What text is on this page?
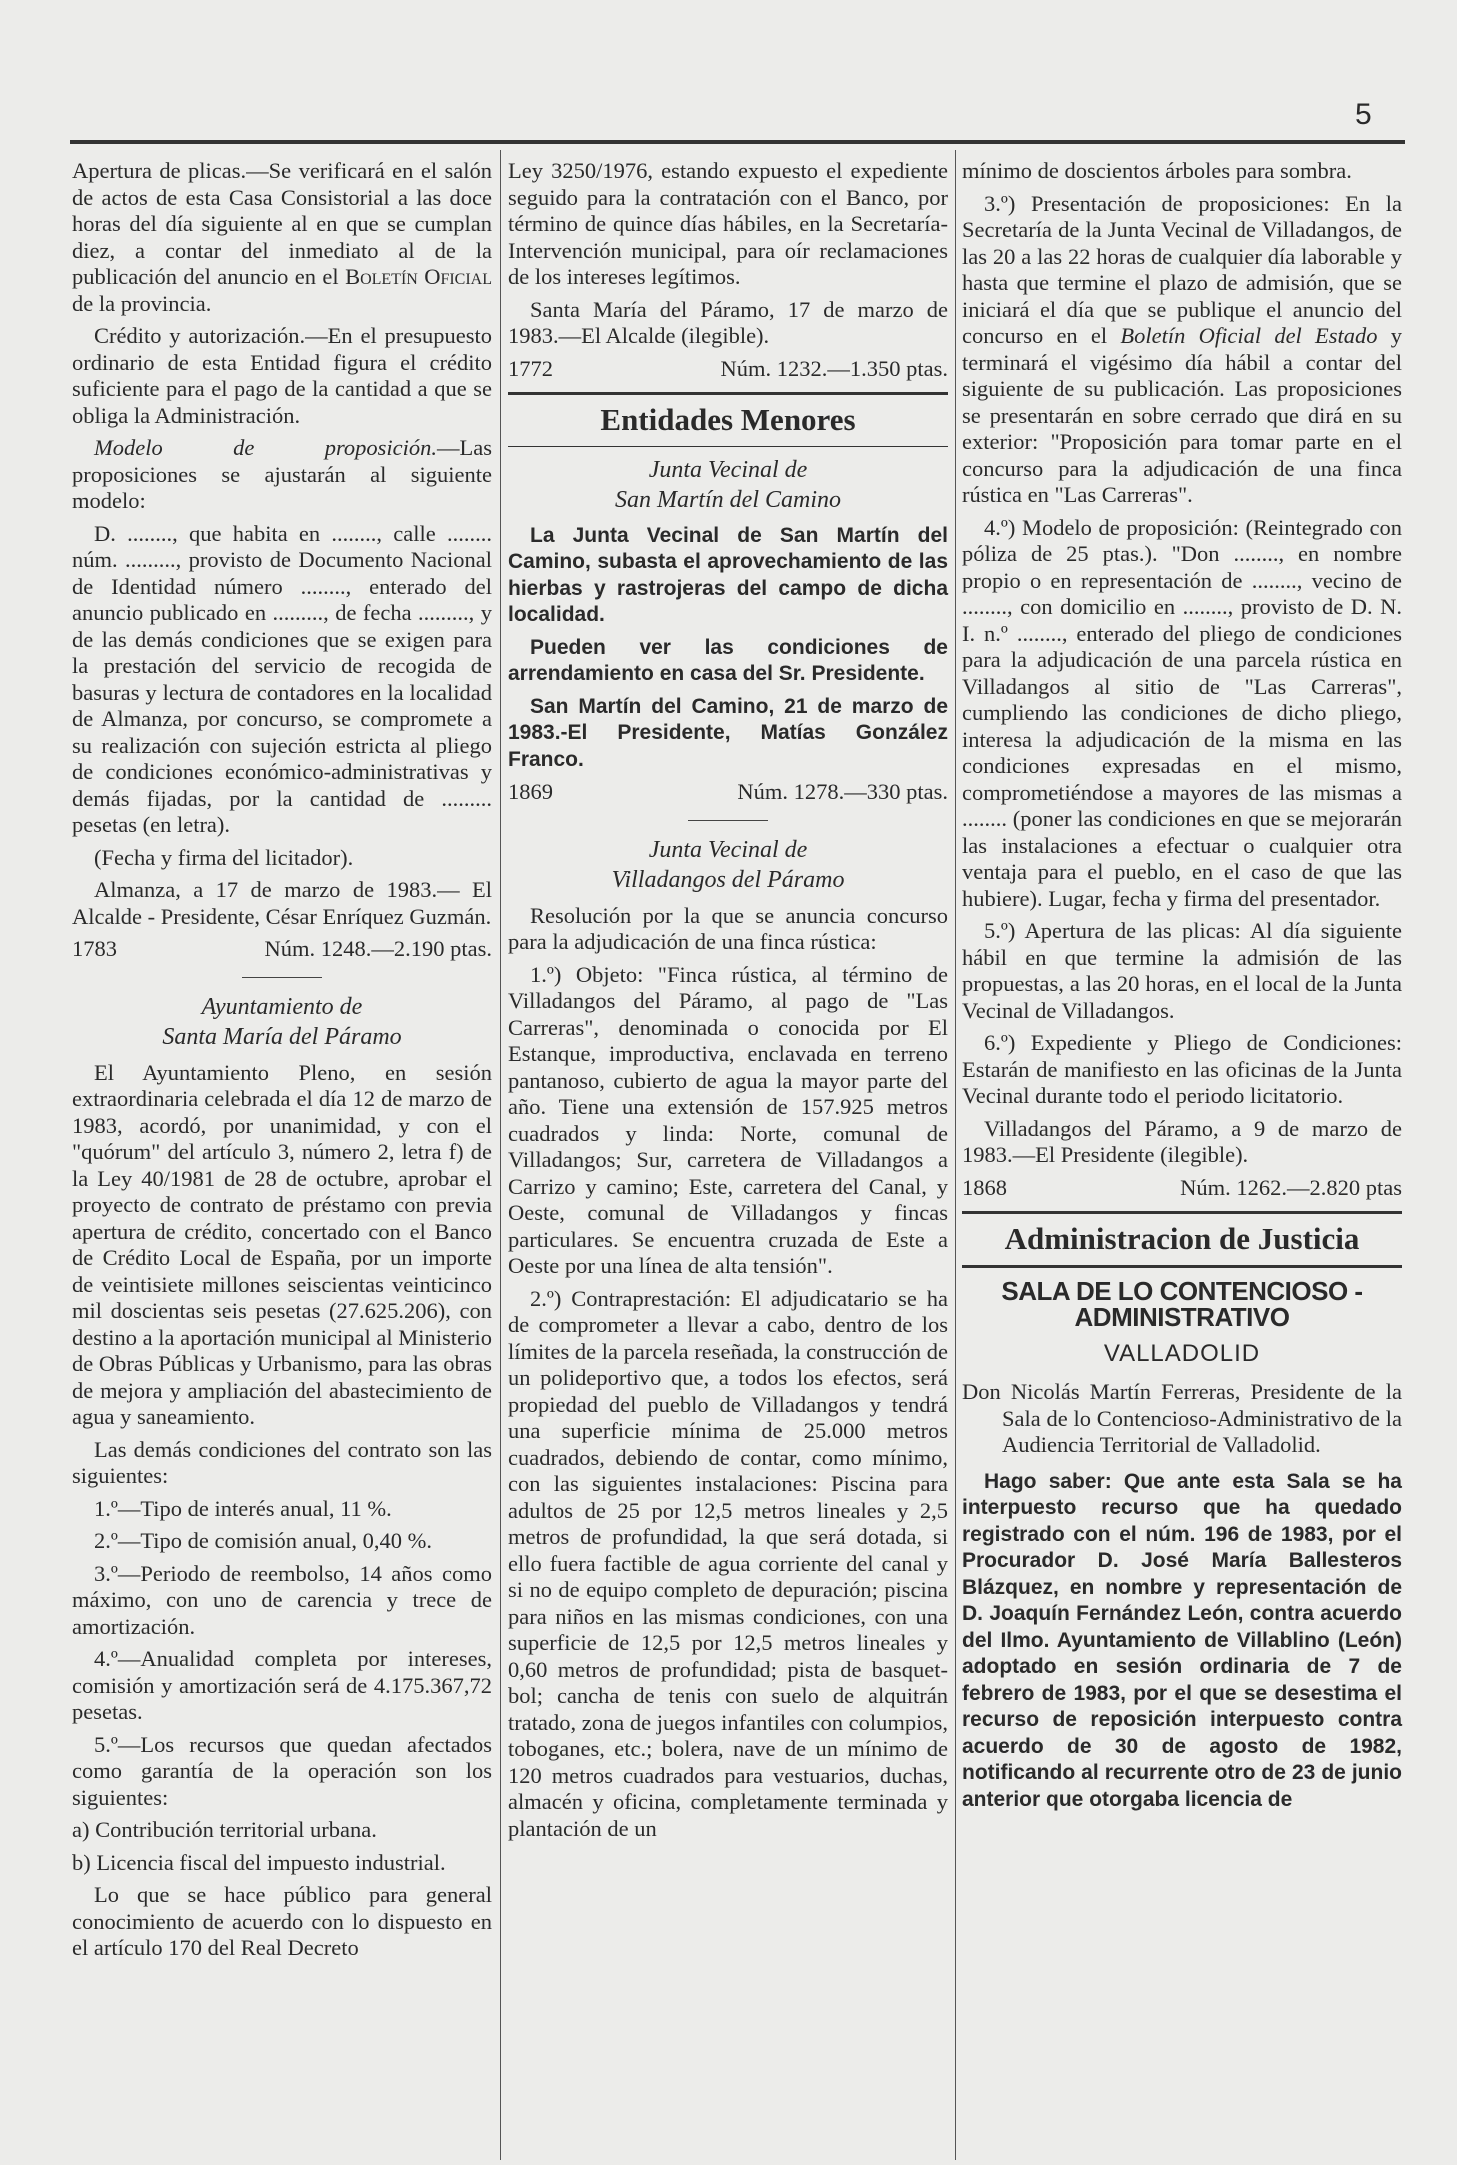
5

Apertura de plicas.—Se verificará en el salón de actos de esta Casa Consistorial a las doce horas del día siguiente al en que se cumplan diez, a contar del inmediato al de la publicación del anuncio en el Boletín Oficial de la provincia.

Crédito y autorización.—En el presupuesto ordinario de esta Entidad figura el crédito suficiente para el pago de la cantidad a que se obliga la Administración.

Modelo de proposición.—Las proposiciones se ajustarán al siguiente modelo:

D. ........, que habita en ........, calle ........ núm. ........., provisto de Documento Nacional de Identidad número ........, enterado del anuncio publicado en ........., de fecha ........., y de las demás condiciones que se exigen para la prestación del servicio de recogida de basuras y lectura de contadores en la localidad de Almanza, por concurso, se compromete a su realización con sujeción estricta al pliego de condiciones económico-administrativas y demás fijadas, por la cantidad de ......... pesetas (en letra).

(Fecha y firma del licitador).

Almanza, a 17 de marzo de 1983.— El Alcalde - Presidente, César Enríquez Guzmán.

1783	Núm. 1248.—2.190 ptas.
Ayuntamiento de
Santa María del Páramo

El Ayuntamiento Pleno, en sesión extraordinaria celebrada el día 12 de marzo de 1983, acordó, por unanimidad, y con el "quórum" del artículo 3, número 2, letra f) de la Ley 40/1981 de 28 de octubre, aprobar el proyecto de contrato de préstamo con previa apertura de crédito, concertado con el Banco de Crédito Local de España, por un importe de veintisiete millones seiscientas veinticinco mil doscientas seis pesetas (27.625.206), con destino a la aportación municipal al Ministerio de Obras Públicas y Urbanismo, para las obras de mejora y ampliación del abastecimiento de agua y saneamiento.

Las demás condiciones del contrato son las siguientes:

1.º—Tipo de interés anual, 11 %.

2.º—Tipo de comisión anual, 0,40 %.

3.º—Periodo de reembolso, 14 años como máximo, con uno de carencia y trece de amortización.

4.º—Anualidad completa por intereses, comisión y amortización será de 4.175.367,72 pesetas.

5.º—Los recursos que quedan afectados como garantía de la operación son los siguientes:

a) Contribución territorial urbana.

b) Licencia fiscal del impuesto industrial.

Lo que se hace público para general conocimiento de acuerdo con lo dispuesto en el artículo 170 del Real Decreto

Ley 3250/1976, estando expuesto el expediente seguido para la contratación con el Banco, por término de quince días hábiles, en la Secretaría-Intervención municipal, para oír reclamaciones de los intereses legítimos.

Santa María del Páramo, 17 de marzo de 1983.—El Alcalde (ilegible).

1772	Núm. 1232.—1.350 ptas.
Entidades Menores
Junta Vecinal de
San Martín del Camino

La Junta Vecinal de San Martín del Camino, subasta el aprovechamiento de las hierbas y rastrojeras del campo de dicha localidad.

Pueden ver las condiciones de arrendamiento en casa del Sr. Presidente.

San Martín del Camino, 21 de marzo de 1983.-El Presidente, Matías González Franco.

1869	Núm. 1278.—330 ptas.
Junta Vecinal de
Villadangos del Páramo

Resolución por la que se anuncia concurso para la adjudicación de una finca rústica:

1.º) Objeto: "Finca rústica, al término de Villadangos del Páramo, al pago de "Las Carreras", denominada o conocida por El Estanque, improductiva, enclavada en terreno pantanoso, cubierto de agua la mayor parte del año. Tiene una extensión de 157.925 metros cuadrados y linda: Norte, comunal de Villadangos; Sur, carretera de Villadangos a Carrizo y camino; Este, carretera del Canal, y Oeste, comunal de Villadangos y fincas particulares. Se encuentra cruzada de Este a Oeste por una línea de alta tensión".

2.º) Contraprestación: El adjudicatario se ha de comprometer a llevar a cabo, dentro de los límites de la parcela reseñada, la construcción de un polideportivo que, a todos los efectos, será propiedad del pueblo de Villadangos y tendrá una superficie mínima de 25.000 metros cuadrados, debiendo de contar, como mínimo, con las siguientes instalaciones: Piscina para adultos de 25 por 12,5 metros lineales y 2,5 metros de profundidad, la que será dotada, si ello fuera factible de agua corriente del canal y si no de equipo completo de depuración; piscina para niños en las mismas condiciones, con una superficie de 12,5 por 12,5 metros lineales y 0,60 metros de profundidad; pista de basquet-bol; cancha de tenis con suelo de alquitrán tratado, zona de juegos infantiles con columpios, toboganes, etc.; bolera, nave de un mínimo de 120 metros cuadrados para vestuarios, duchas, almacén y oficina, completamente terminada y plantación de un

mínimo de doscientos árboles para sombra.

3.º) Presentación de proposiciones: En la Secretaría de la Junta Vecinal de Villadangos, de las 20 a las 22 horas de cualquier día laborable y hasta que termine el plazo de admisión, que se iniciará el día que se publique el anuncio del concurso en el Boletín Oficial del Estado y terminará el vigésimo día hábil a contar del siguiente de su publicación. Las proposiciones se presentarán en sobre cerrado que dirá en su exterior: "Proposición para tomar parte en el concurso para la adjudicación de una finca rústica en "Las Carreras".

4.º) Modelo de proposición: (Reintegrado con póliza de 25 ptas.). "Don ........, en nombre propio o en representación de ........, vecino de ........, con domicilio en ........, provisto de D. N. I. n.º ........, enterado del pliego de condiciones para la adjudicación de una parcela rústica en Villadangos al sitio de "Las Carreras", cumpliendo las condiciones de dicho pliego, interesa la adjudicación de la misma en las condiciones expresadas en el mismo, comprometiéndose a mayores de las mismas a ........ (poner las condiciones en que se mejorarán las instalaciones a efectuar o cualquier otra ventaja para el pueblo, en el caso de que las hubiere). Lugar, fecha y firma del presentador.

5.º) Apertura de las plicas: Al día siguiente hábil en que termine la admisión de las propuestas, a las 20 horas, en el local de la Junta Vecinal de Villadangos.

6.º) Expediente y Pliego de Condiciones: Estarán de manifiesto en las oficinas de la Junta Vecinal durante todo el periodo licitatorio.

Villadangos del Páramo, a 9 de marzo de 1983.—El Presidente (ilegible).

1868	Núm. 1262.—2.820 ptas
Administracion de Justicia
SALA DE LO CONTENCIOSO - ADMINISTRATIVO
VALLADOLID

Don Nicolás Martín Ferreras, Presidente de la Sala de lo Contencioso-Administrativo de la Audiencia Territorial de Valladolid.

Hago saber: Que ante esta Sala se ha interpuesto recurso que ha quedado registrado con el núm. 196 de 1983, por el Procurador D. José María Ballesteros Blázquez, en nombre y representación de D. Joaquín Fernández León, contra acuerdo del Ilmo. Ayuntamiento de Villablino (León) adoptado en sesión ordinaria de 7 de febrero de 1983, por el que se desestima el recurso de reposición interpuesto contra acuerdo de 30 de agosto de 1982, notificando al recurrente otro de 23 de junio anterior que otorgaba licencia de
